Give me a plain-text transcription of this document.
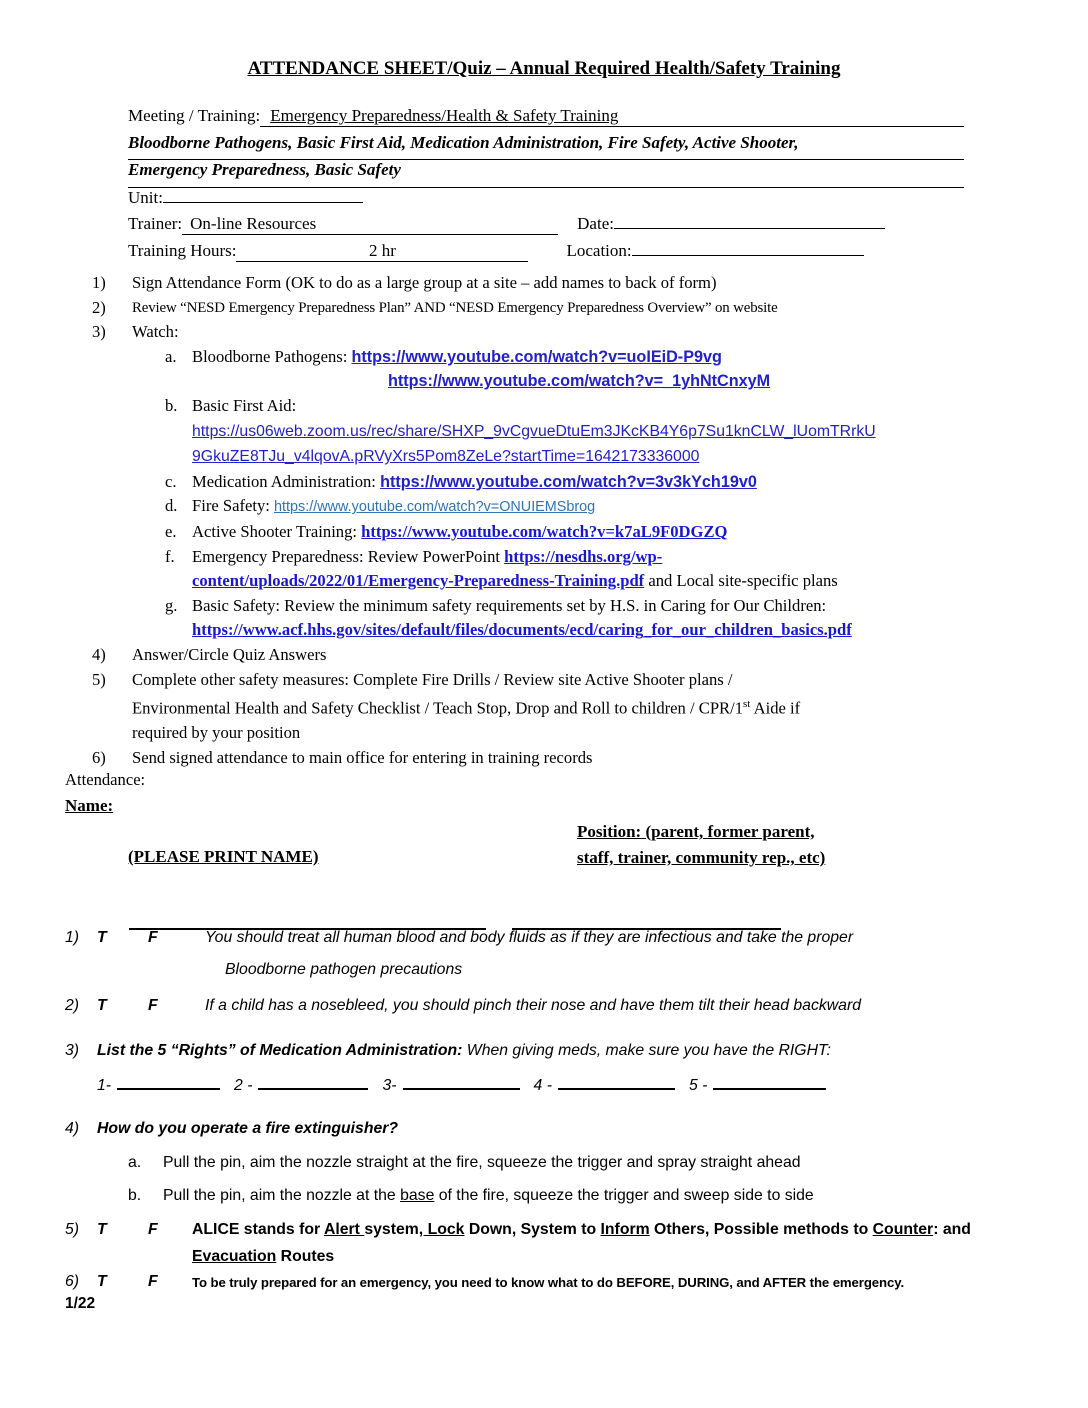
ATTENDANCE SHEET/Quiz – Annual Required Health/Safety Training
Meeting / Training: Emergency Preparedness/Health & Safety Training
Bloodborne Pathogens, Basic First Aid, Medication Administration, Fire Safety, Active Shooter,
Emergency Preparedness, Basic Safety
Unit:
Trainer: On-line Resources	Date:
Training Hours:	2 hr	Location:
1)	Sign Attendance Form (OK to do as a large group at a site – add names to back of form)
2)	Review “NESD Emergency Preparedness Plan” AND “NESD Emergency Preparedness Overview” on website
3)	Watch:
a. Bloodborne Pathogens: https://www.youtube.com/watch?v=uoIEiD-P9vg
https://www.youtube.com/watch?v=_1yhNtCnxyM
b. Basic First Aid:
https://us06web.zoom.us/rec/share/SHXP_9vCgvueDtuEm3JKcKB4Y6p7Su1knCLW_lUomTRrkU
9GkuZE8TJu_v4lqovA.pRVyXrs5Pom8ZeLe?startTime=1642173336000
c. Medication Administration: https://www.youtube.com/watch?v=3v3kYch19v0
d. Fire Safety: https://www.youtube.com/watch?v=ONUIEMSbrog
e. Active Shooter Training: https://www.youtube.com/watch?v=k7aL9F0DGZQ
f.	Emergency Preparedness: Review PowerPoint https://nesdhs.org/wp-
content/uploads/2022/01/Emergency-Preparedness-Training.pdf and Local site-specific plans
g. Basic Safety: Review the minimum safety requirements set by H.S. in Caring for Our Children:
https://www.acf.hhs.gov/sites/default/files/documents/ecd/caring_for_our_children_basics.pdf
4)	Answer/Circle Quiz Answers
5)	Complete other safety measures: Complete Fire Drills / Review site Active Shooter plans /
Environmental Health and Safety Checklist / Teach Stop, Drop and Roll to children / CPR/1st Aide if
required by your position
6)	Send signed attendance to main office for entering in training records
Attendance:
Name:
Position: (parent, former parent,
staff, trainer, community rep., etc)
(PLEASE PRINT NAME)
1)	T	F	You should treat all human blood and body fluids as if they are infectious and take the proper
Bloodborne pathogen precautions
2)	T	F	If a child has a nosebleed, you should pinch their nose and have them tilt their head backward
3)	List the 5 “Rights” of Medication Administration: When giving meds, make sure you have the RIGHT:
1-	2 -	3-	4 -	5 -
4)	How do you operate a fire extinguisher?
a.	Pull the pin, aim the nozzle straight at the fire, squeeze the trigger and spray straight ahead
b.	Pull the pin, aim the nozzle at the base of the fire, squeeze the trigger and sweep side to side
5)	T	F	ALICE stands for Alert system, Lock Down, System to Inform Others, Possible methods to Counter: and
Evacuation Routes
6)	T	F	To be truly prepared for an emergency, you need to know what to do BEFORE, DURING, and AFTER the emergency.
1/22
